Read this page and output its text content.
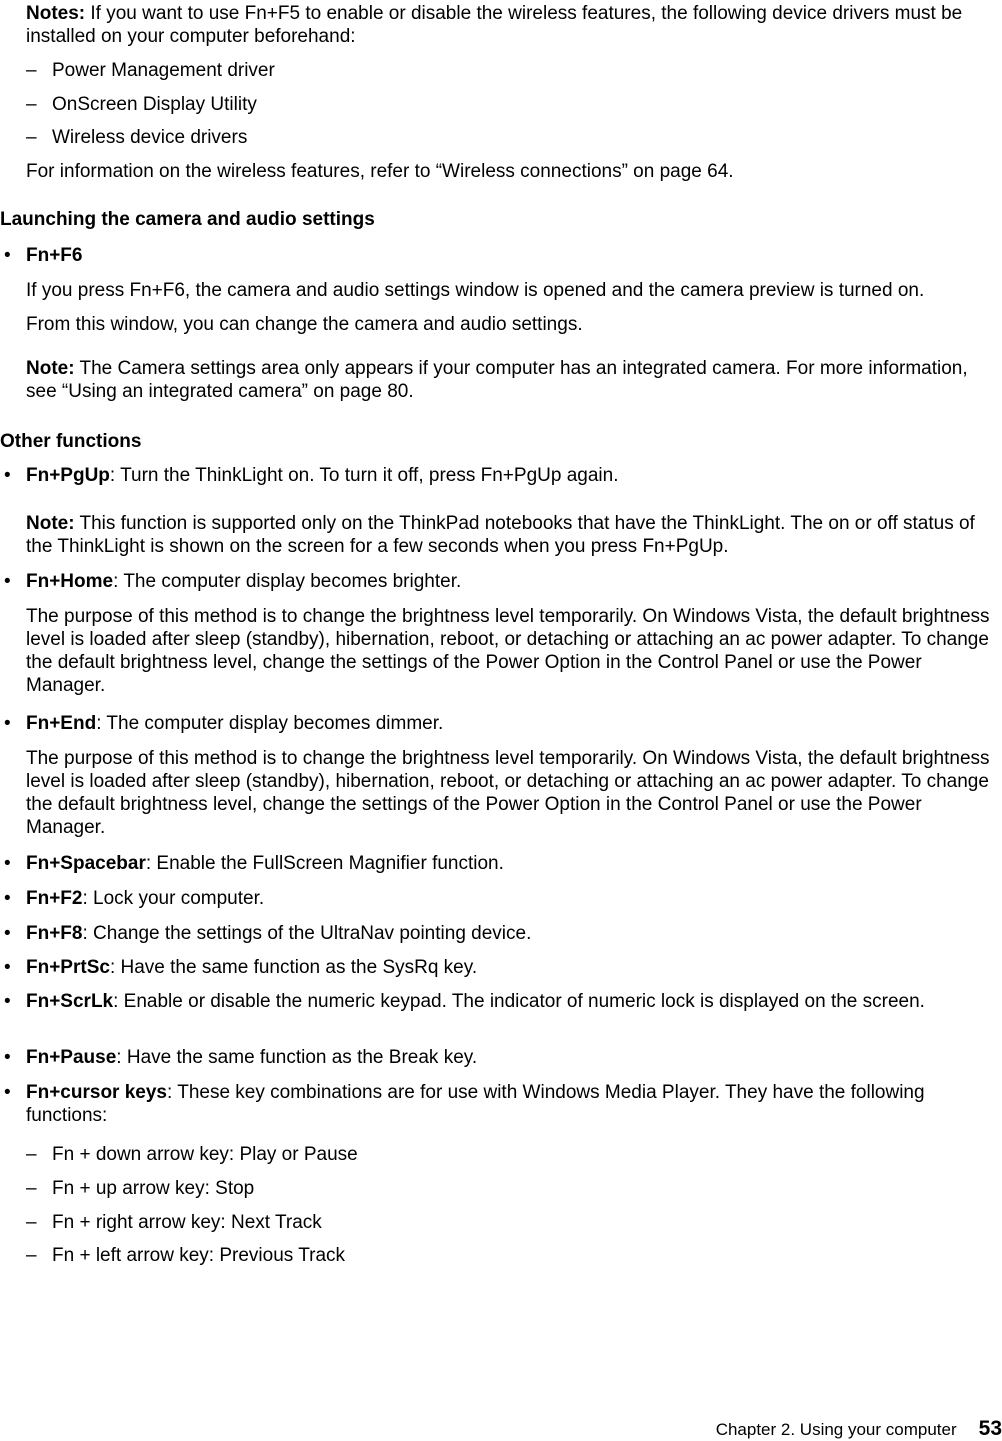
Notes: If you want to use Fn+F5 to enable or disable the wireless features, the following device drivers must be installed on your computer beforehand:

– Power Management driver

– OnScreen Display Utility

– Wireless device drivers

For information on the wireless features, refer to “Wireless connections” on page 64.

Launching the camera and audio settings

• Fn+F6

If you press Fn+F6, the camera and audio settings window is opened and the camera preview is turned on.

From this window, you can change the camera and audio settings.

Note: The Camera settings area only appears if your computer has an integrated camera. For more information, see “Using an integrated camera” on page 80.

Other functions

• Fn+PgUp: Turn the ThinkLight on. To turn it off, press Fn+PgUp again.

Note: This function is supported only on the ThinkPad notebooks that have the ThinkLight. The on or off status of the ThinkLight is shown on the screen for a few seconds when you press Fn+PgUp.

• Fn+Home: The computer display becomes brighter.

The purpose of this method is to change the brightness level temporarily. On Windows Vista, the default brightness level is loaded after sleep (standby), hibernation, reboot, or detaching or attaching an ac power adapter. To change the default brightness level, change the settings of the Power Option in the Control Panel or use the Power Manager.

• Fn+End: The computer display becomes dimmer.

The purpose of this method is to change the brightness level temporarily. On Windows Vista, the default brightness level is loaded after sleep (standby), hibernation, reboot, or detaching or attaching an ac power adapter. To change the default brightness level, change the settings of the Power Option in the Control Panel or use the Power Manager.

• Fn+Spacebar: Enable the FullScreen Magnifier function.
• Fn+F2: Lock your computer.
• Fn+F8: Change the settings of the UltraNav pointing device.
• Fn+PrtSc: Have the same function as the SysRq key.
• Fn+ScrLk: Enable or disable the numeric keypad. The indicator of numeric lock is displayed on the screen.
• Fn+Pause: Have the same function as the Break key.
• Fn+cursor keys: These key combinations are for use with Windows Media Player. They have the following functions:

– Fn + down arrow key: Play or Pause

– Fn + up arrow key: Stop

– Fn + right arrow key: Next Track

– Fn + left arrow key: Previous Track

Chapter 2. Using your computer 53
